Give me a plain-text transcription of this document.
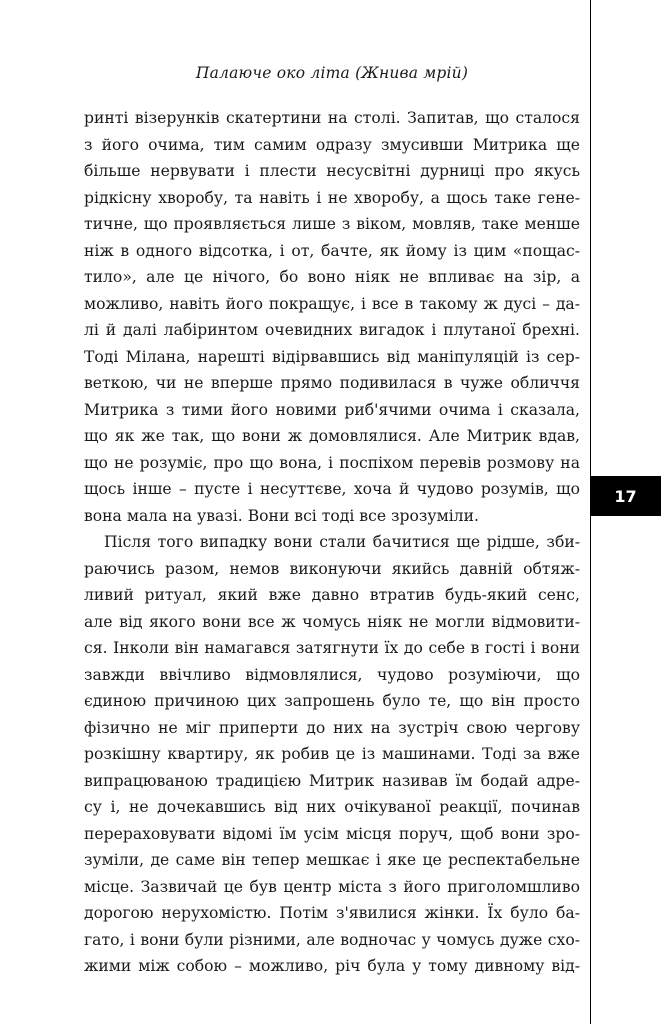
Палаюче око літа (Жнива мрій)
17
ринті візерунків скатертини на столі. Запитав, що сталося
з його очима, тим самим одразу змусивши Митрика ще
більше нервувати і плести несусвітні дурниці про якусь
рідкісну хворобу, та навіть і не хворобу, а щось таке гене-
тичне, що проявляється лише з віком, мовляв, таке менше
ніж в одного відсотка, і от, бачте, як йому із цим «пощас-
тило», але це нічого, бо воно ніяк не впливає на зір, а
можливо, навіть його покращує, і все в такому ж дусі – да-
лі й далі лабіринтом очевидних вигадок і плутаної брехні.
Тоді Мілана, нарешті відірвавшись від маніпуляцій із сер-
веткою, чи не вперше прямо подивилася в чуже обличчя
Митрика з тими його новими риб'ячими очима і сказала,
що як же так, що вони ж домовлялися. Але Митрик вдав,
що не розуміє, про що вона, і поспіхом перевів розмову на
щось інше – пусте і несуттєве, хоча й чудово розумів, що
вона мала на увазі. Вони всі тоді все зрозуміли.
Після того випадку вони стали бачитися ще рідше, зби-
раючись разом, немов виконуючи якийсь давній обтяж-
ливий ритуал, який вже давно втратив будь-який сенс,
але від якого вони все ж чомусь ніяк не могли відмовити-
ся. Інколи він намагався затягнути їх до себе в гості і вони
завжди ввічливо відмовлялися, чудово розуміючи, що
єдиною причиною цих запрошень було те, що він просто
фізично не міг приперти до них на зустріч свою чергову
розкішну квартиру, як робив це із машинами. Тоді за вже
випрацюваною традицією Митрик називав їм бодай адре-
су і, не дочекавшись від них очікуваної реакції, починав
перераховувати відомі їм усім місця поруч, щоб вони зро-
зуміли, де саме він тепер мешкає і яке це респектабельне
місце. Зазвичай це був центр міста з його приголомшливо
дорогою нерухомістю. Потім з'явилися жінки. Їх було ба-
гато, і вони були різними, але водночас у чомусь дуже схо-
жими між собою – можливо, річ була у тому дивному від-
